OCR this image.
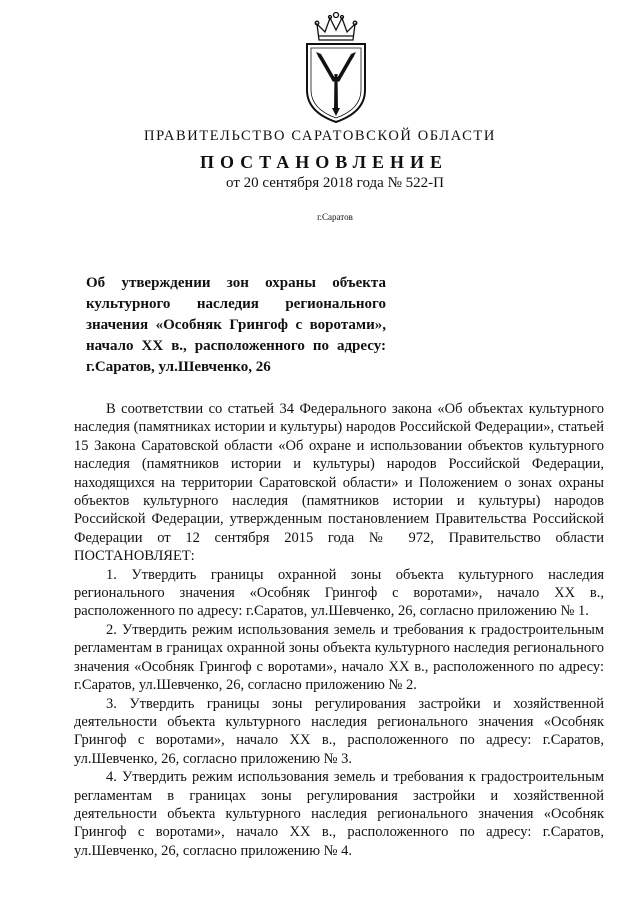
ПРАВИТЕЛЬСТВО САРАТОВСКОЙ ОБЛАСТИ
ПОСТАНОВЛЕНИЕ
от 20 сентября 2018 года № 522-П
г.Саратов
Об утверждении зон охраны объекта культурного наследия регионального значения «Особняк Грингоф с воротами», начало XX в., расположенного по адресу: г.Саратов, ул.Шевченко, 26

В соответствии со статьей 34 Федерального закона «Об объектах культурного наследия (памятниках истории и культуры) народов Российской Федерации», статьей 15 Закона Саратовской области «Об охране и использовании объектов культурного наследия (памятников истории и культуры) народов Российской Федерации, находящихся на территории Саратовской области» и Положением о зонах охраны объектов культурного наследия (памятников истории и культуры) народов Российской Федерации, утвержденным постановлением Правительства Российской Федерации от 12 сентября 2015 года № 972, Правительство области ПОСТАНОВЛЯЕТ:

1. Утвердить границы охранной зоны объекта культурного наследия регионального значения «Особняк Грингоф с воротами», начало XX в., расположенного по адресу: г.Саратов, ул.Шевченко, 26, согласно приложению № 1.

2. Утвердить режим использования земель и требования к градостроительным регламентам в границах охранной зоны объекта культурного наследия регионального значения «Особняк Грингоф с воротами», начало XX в., расположенного по адресу: г.Саратов, ул.Шевченко, 26, согласно приложению № 2.

3. Утвердить границы зоны регулирования застройки и хозяйственной деятельности объекта культурного наследия регионального значения «Особняк Грингоф с воротами», начало XX в., расположенного по адресу: г.Саратов, ул.Шевченко, 26, согласно приложению № 3.

4. Утвердить режим использования земель и требования к градостроительным регламентам в границах зоны регулирования застройки и хозяйственной деятельности объекта культурного наследия регионального значения «Особняк Грингоф с воротами», начало XX в., расположенного по адресу: г.Саратов, ул.Шевченко, 26, согласно приложению № 4.
